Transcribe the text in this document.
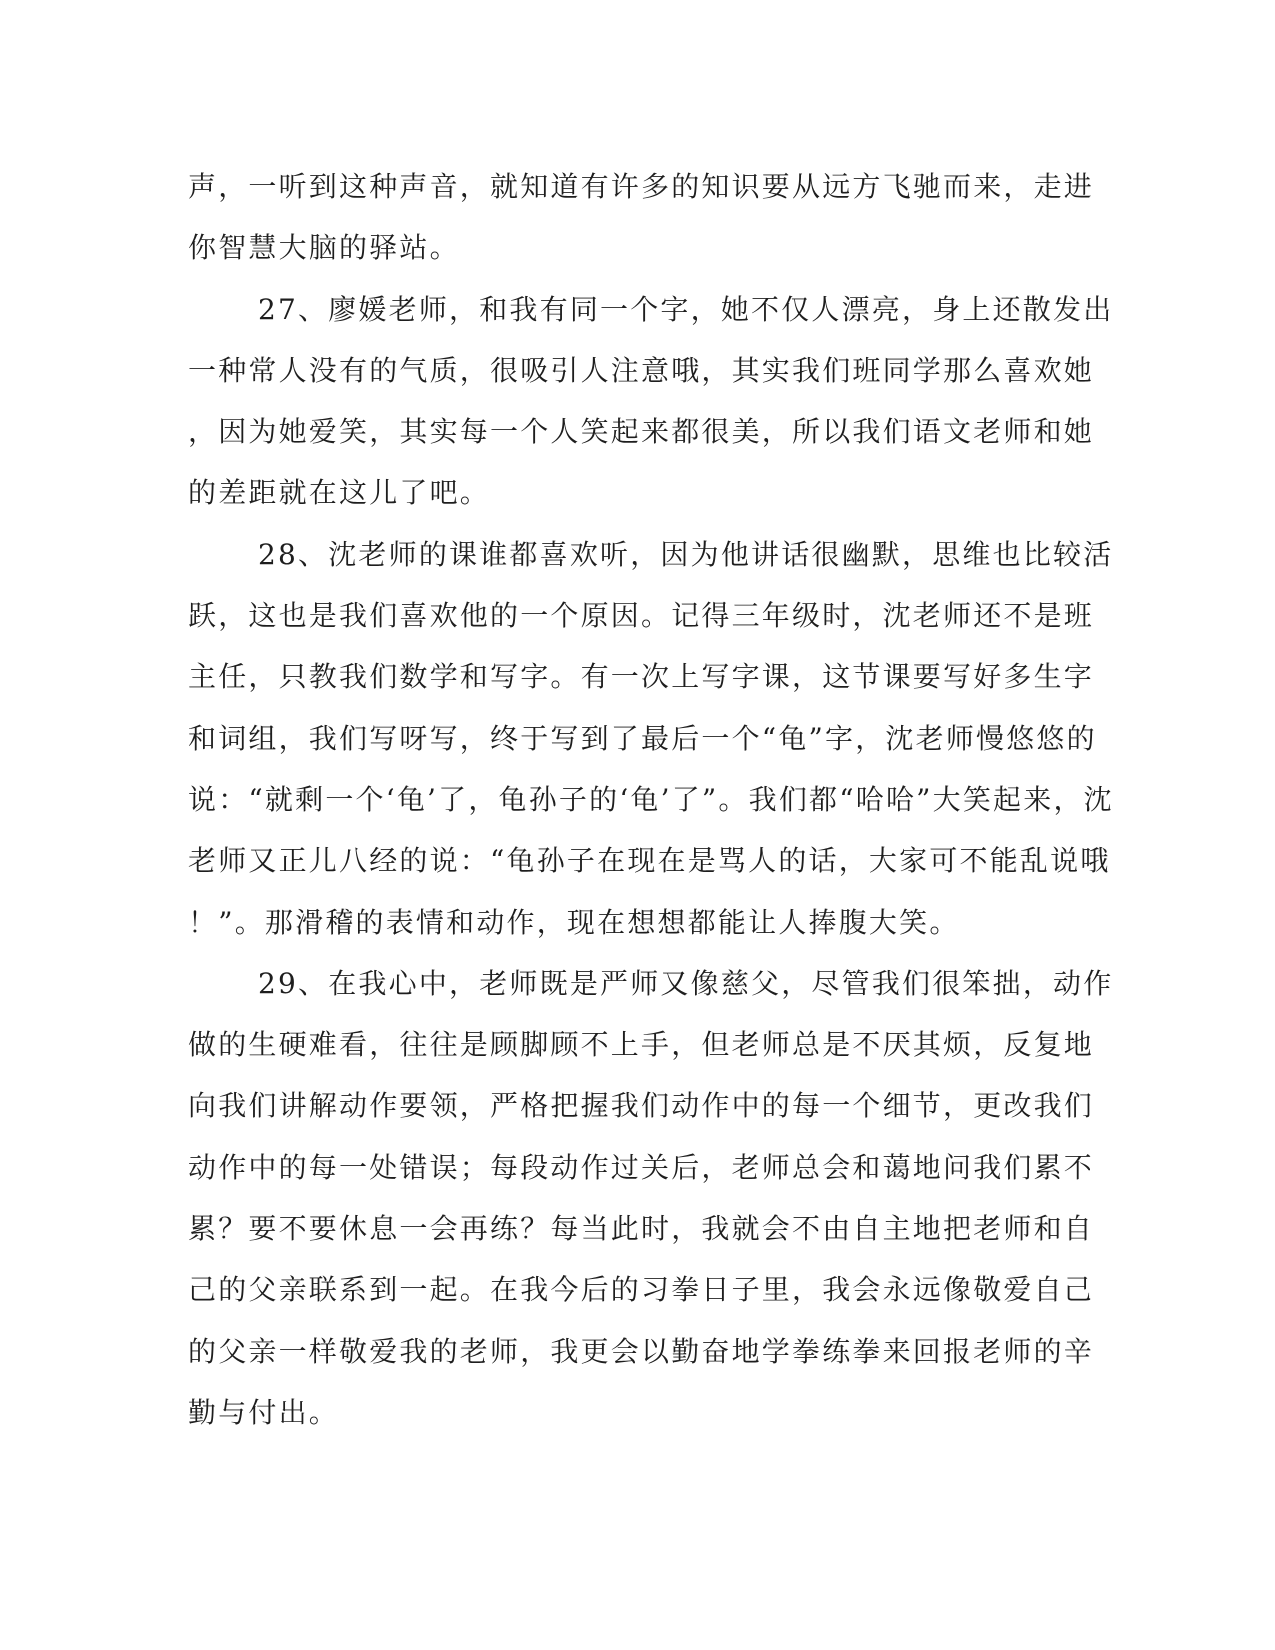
声，一听到这种声音，就知道有许多的知识要从远方飞驰而来，走进
你智慧大脑的驿站。
27、廖媛老师，和我有同一个字，她不仅人漂亮，身上还散发出
一种常人没有的气质，很吸引人注意哦，其实我们班同学那么喜欢她
，因为她爱笑，其实每一个人笑起来都很美，所以我们语文老师和她
的差距就在这儿了吧。
28、沈老师的课谁都喜欢听，因为他讲话很幽默，思维也比较活
跃，这也是我们喜欢他的一个原因。记得三年级时，沈老师还不是班
主任，只教我们数学和写字。有一次上写字课，这节课要写好多生字
和词组，我们写呀写，终于写到了最后一个“龟”字，沈老师慢悠悠的
说：“就剩一个‘龟’了，龟孙子的‘龟’了”。我们都“哈哈”大笑起来，沈
老师又正儿八经的说：“龟孙子在现在是骂人的话，大家可不能乱说哦
！”。那滑稽的表情和动作，现在想想都能让人捧腹大笑。
29、在我心中，老师既是严师又像慈父，尽管我们很笨拙，动作
做的生硬难看，往往是顾脚顾不上手，但老师总是不厌其烦，反复地
向我们讲解动作要领，严格把握我们动作中的每一个细节，更改我们
动作中的每一处错误；每段动作过关后，老师总会和蔼地问我们累不
累？要不要休息一会再练？每当此时，我就会不由自主地把老师和自
己的父亲联系到一起。在我今后的习拳日子里，我会永远像敬爱自己
的父亲一样敬爱我的老师，我更会以勤奋地学拳练拳来回报老师的辛
勤与付出。
